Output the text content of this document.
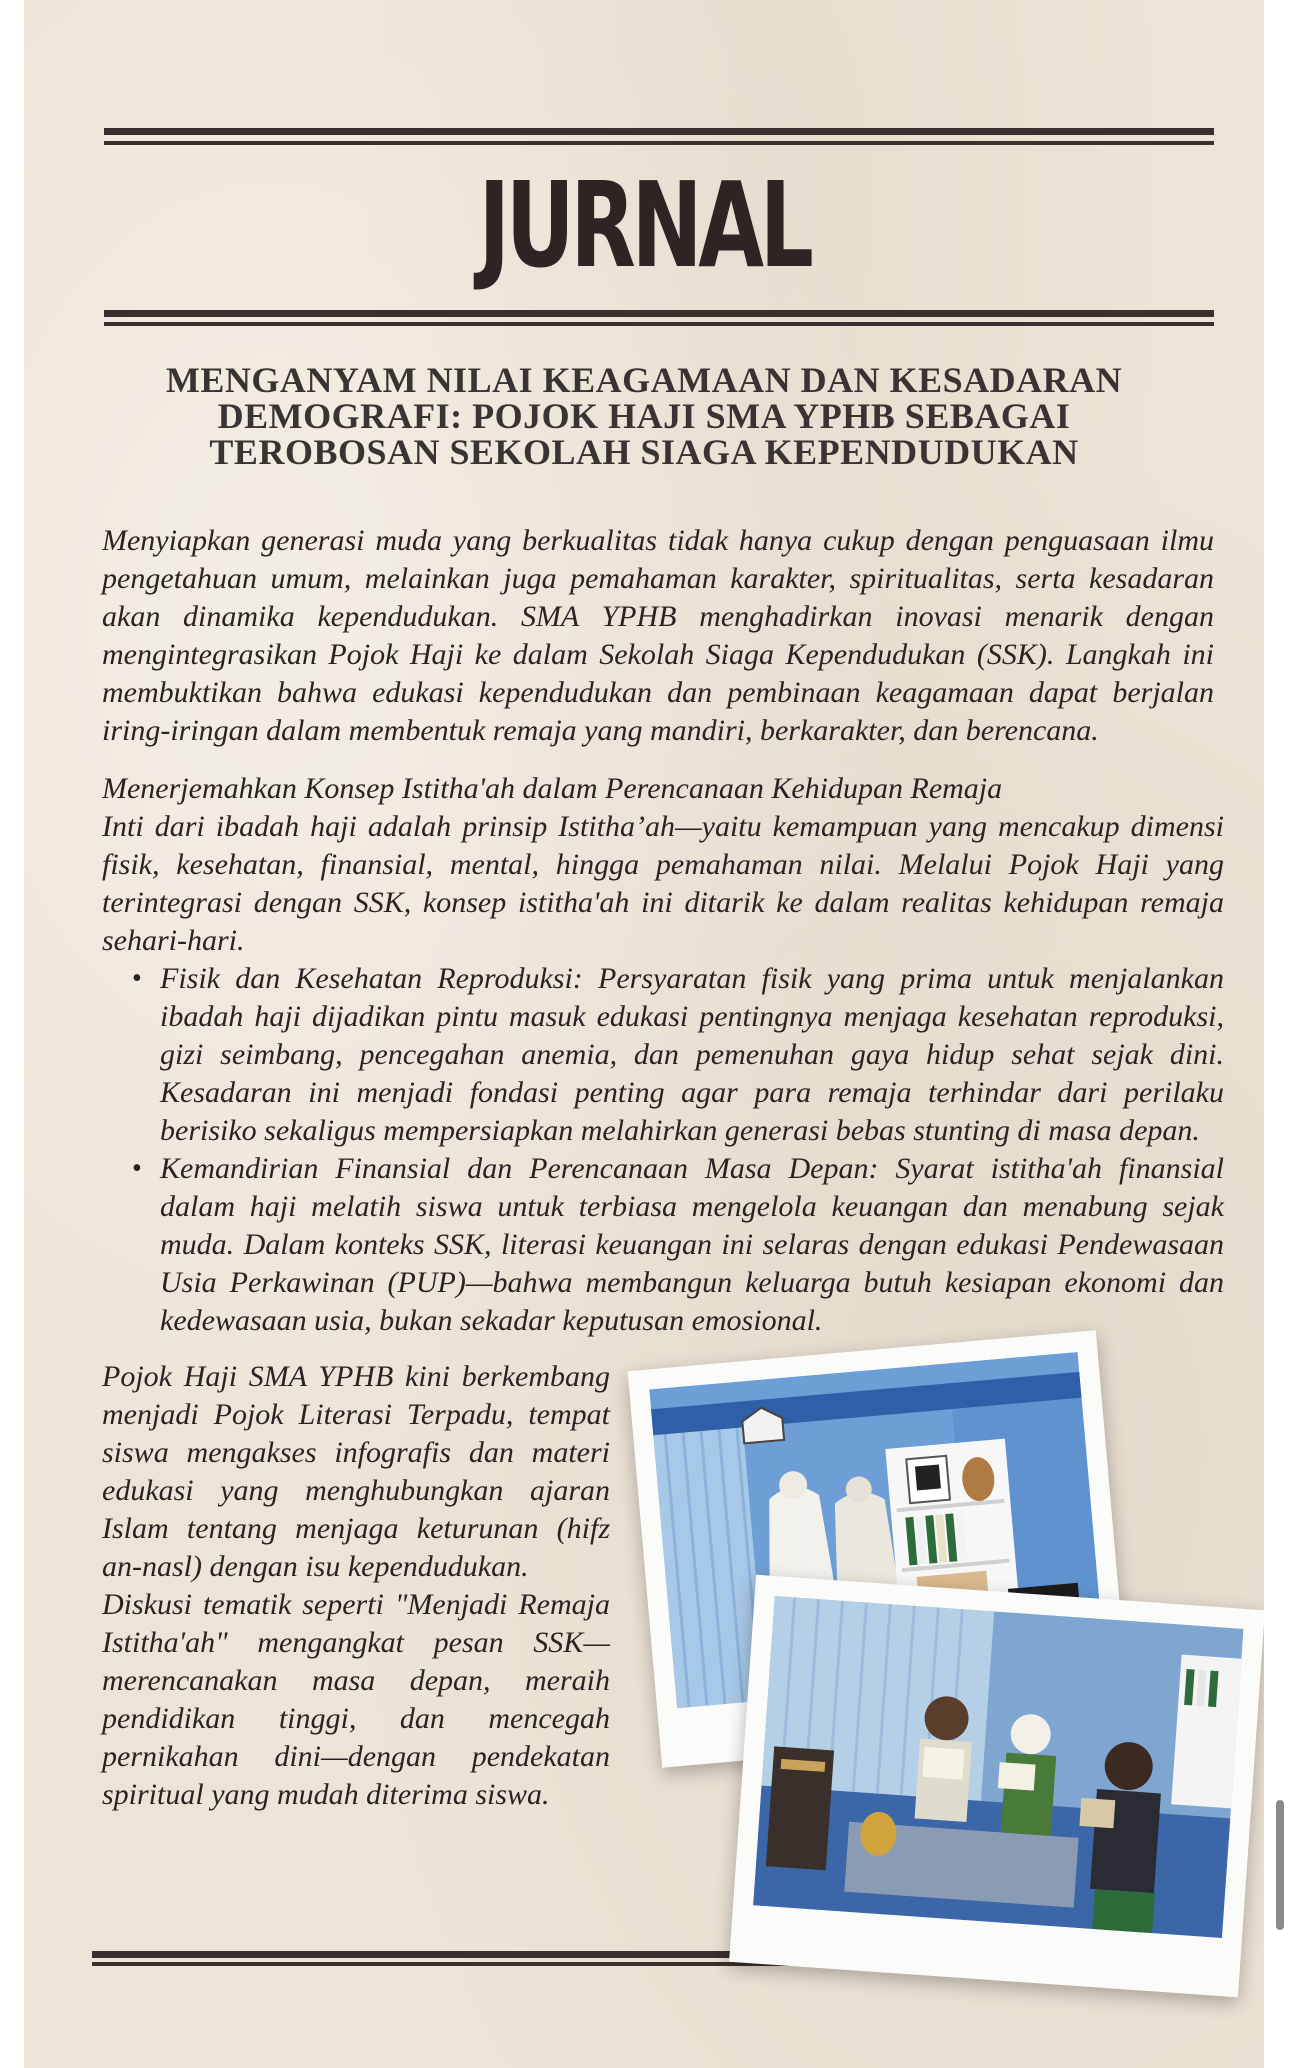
JURNAL
MENGANYAM NILAI KEAGAMAAN DAN KESADARAN DEMOGRAFI: POJOK HAJI SMA YPHB SEBAGAI TEROBOSAN SEKOLAH SIAGA KEPENDUDUKAN

Menyiapkan generasi muda yang berkualitas tidak hanya cukup dengan penguasaan ilmu pengetahuan umum, melainkan juga pemahaman karakter, spiritualitas, serta kesadaran akan dinamika kependudukan. SMA YPHB menghadirkan inovasi menarik dengan mengintegrasikan Pojok Haji ke dalam Sekolah Siaga Kependudukan (SSK). Langkah ini membuktikan bahwa edukasi kependudukan dan pembinaan keagamaan dapat berjalan iring-iringan dalam membentuk remaja yang mandiri, berkarakter, dan berencana.

Menerjemahkan Konsep Istitha'ah dalam Perencanaan Kehidupan Remaja

Inti dari ibadah haji adalah prinsip Istitha’ah—yaitu kemampuan yang mencakup dimensi fisik, kesehatan, finansial, mental, hingga pemahaman nilai. Melalui Pojok Haji yang terintegrasi dengan SSK, konsep istitha'ah ini ditarik ke dalam realitas kehidupan remaja sehari-hari.

• Fisik dan Kesehatan Reproduksi: Persyaratan fisik yang prima untuk menjalankan ibadah haji dijadikan pintu masuk edukasi pentingnya menjaga kesehatan reproduksi, gizi seimbang, pencegahan anemia, dan pemenuhan gaya hidup sehat sejak dini. Kesadaran ini menjadi fondasi penting agar para remaja terhindar dari perilaku berisiko sekaligus mempersiapkan melahirkan generasi bebas stunting di masa depan.
• Kemandirian Finansial dan Perencanaan Masa Depan: Syarat istitha'ah finansial dalam haji melatih siswa untuk terbiasa mengelola keuangan dan menabung sejak muda. Dalam konteks SSK, literasi keuangan ini selaras dengan edukasi Pendewasaan Usia Perkawinan (PUP)—bahwa membangun keluarga butuh kesiapan ekonomi dan kedewasaan usia, bukan sekadar keputusan emosional.

Pojok Haji SMA YPHB kini berkembang menjadi Pojok Literasi Terpadu, tempat siswa mengakses infografis dan materi edukasi yang menghubungkan ajaran Islam tentang menjaga keturunan (hifz an-nasl) dengan isu kependudukan.

Diskusi tematik seperti "Menjadi Remaja Istitha'ah" mengangkat pesan SSK—merencanakan masa depan, meraih pendidikan tinggi, dan mencegah pernikahan dini—dengan pendekatan spiritual yang mudah diterima siswa.
